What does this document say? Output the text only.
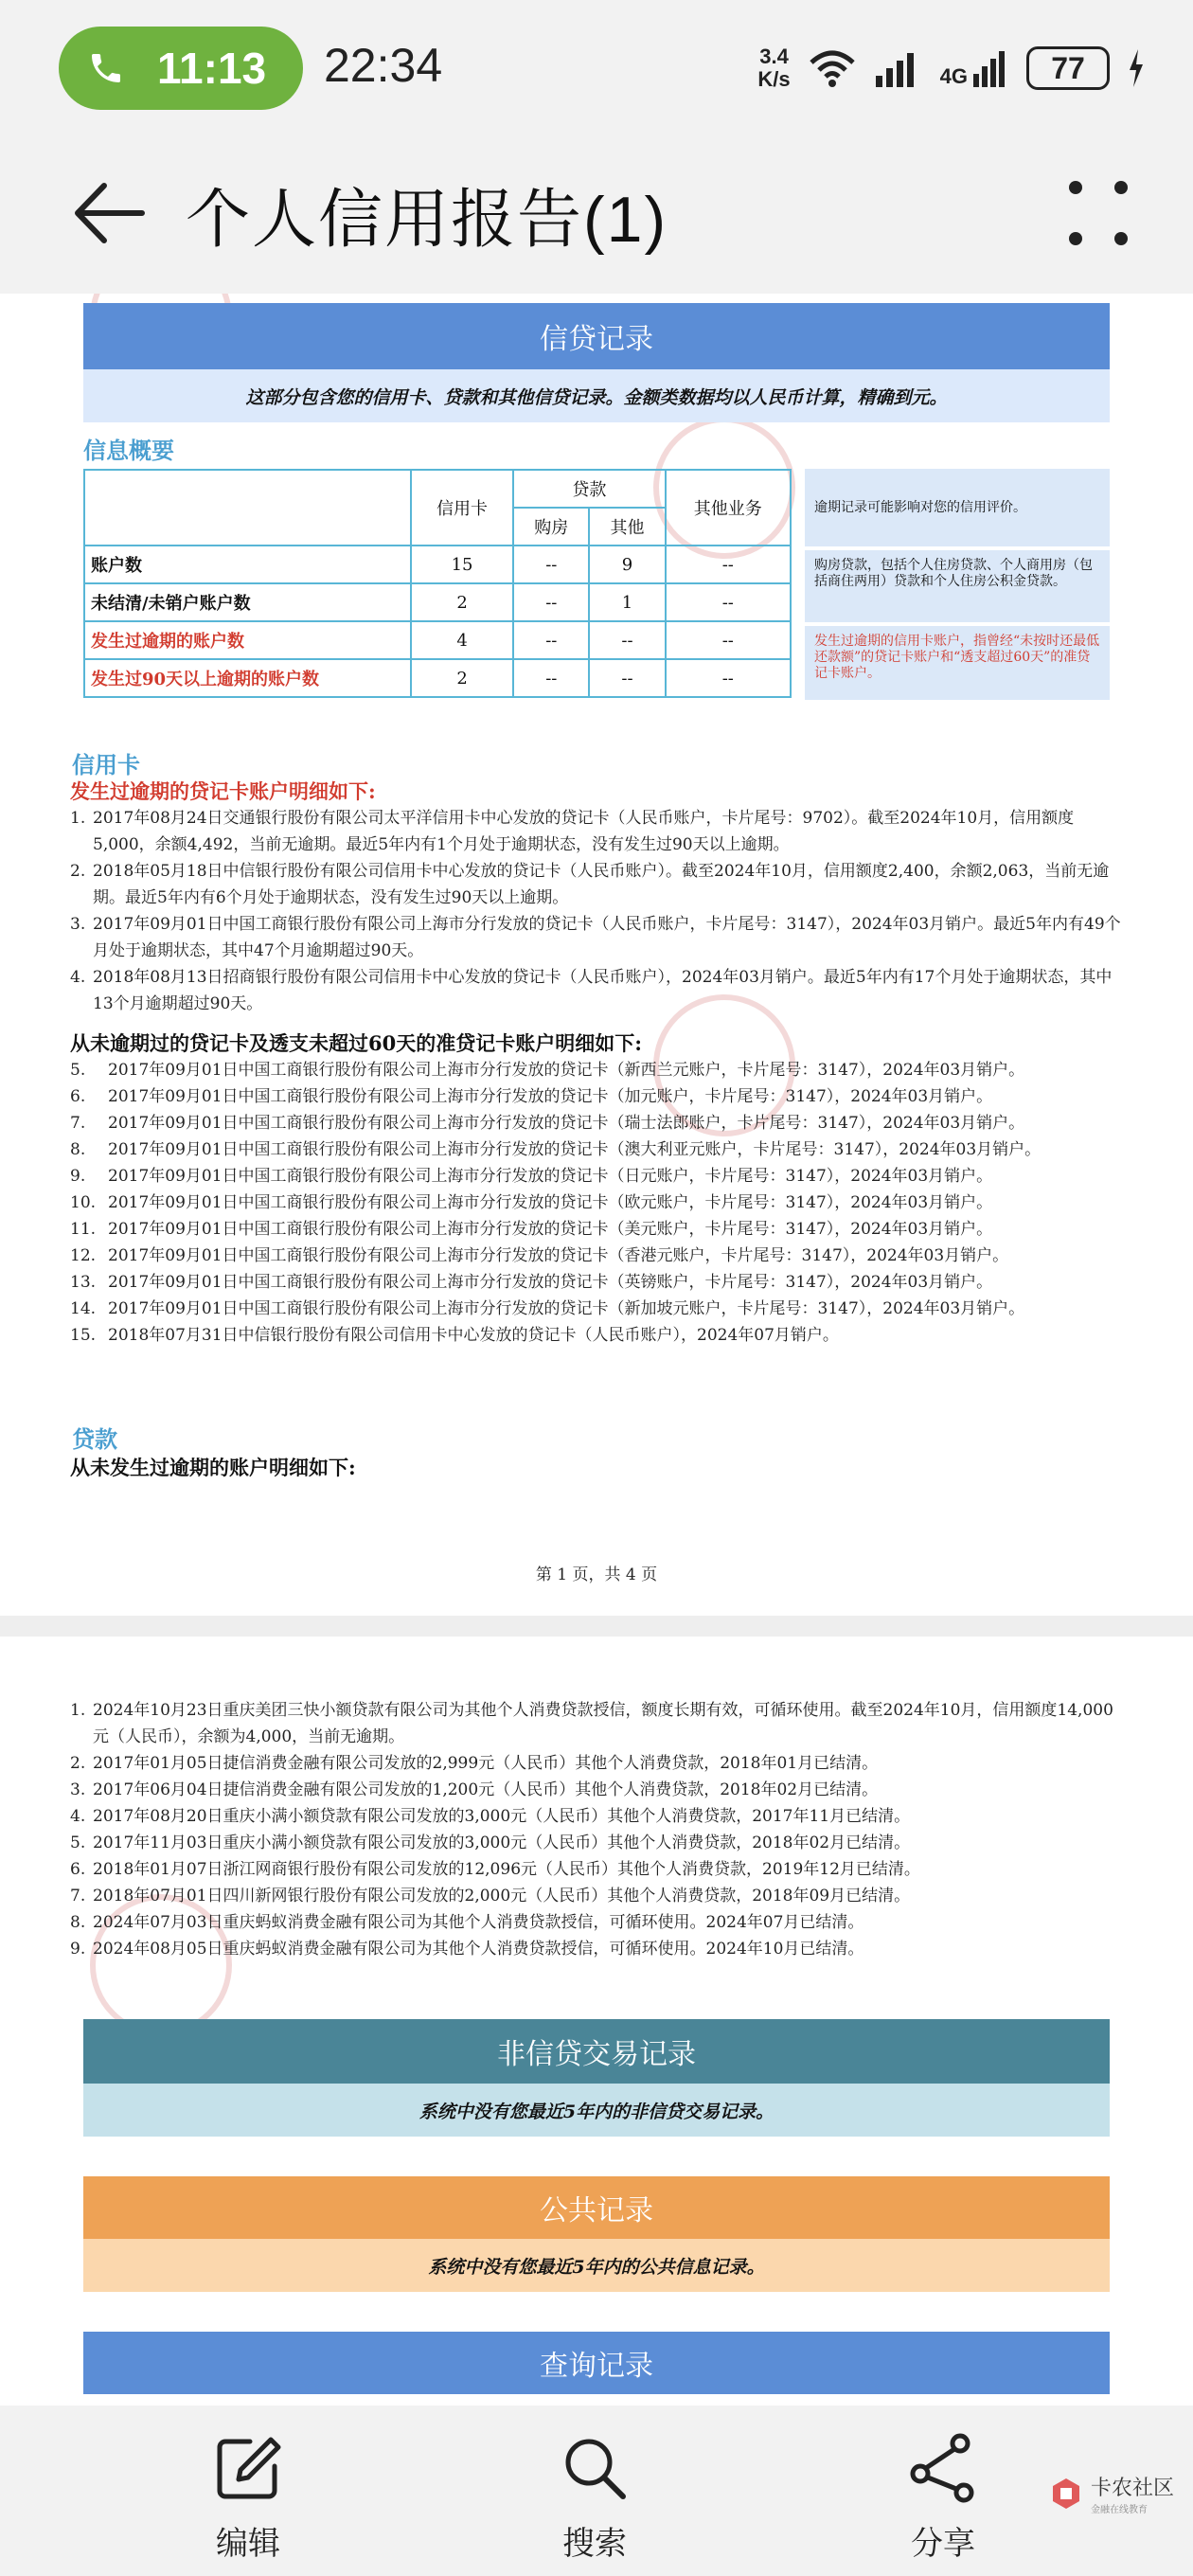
11:13 22:34	3.4
K/s	4G	77
个人信用报告(1)
信贷记录
这部分包含您的信用卡、贷款和其他信贷记录。金额类数据均以人民币计算，精确到元。
信息概要
	信用卡	贷款		其他业务
		购房	其他	
账户数	15	--	9	--
未结清/未销户账户数	2	--	1	--
发生过逾期的账户数	4	--	--	--
发生过90天以上逾期的账户数	2	--	--	--
逾期记录可能影响对您的信用评价。
购房贷款，包括个人住房贷款、个人商用房（包括商住两用）贷款和个人住房公积金贷款。
发生过逾期的信用卡账户，指曾经“未按时还最低还款额”的贷记卡账户和“透支超过60天”的准贷记卡账户。
信用卡
发生过逾期的贷记卡账户明细如下:
1. 2017年08月24日交通银行股份有限公司太平洋信用卡中心发放的贷记卡（人民币账户，卡片尾号：9702）。截至2024年10月，信用额度5,000，余额4,492，当前无逾期。最近5年内有1个月处于逾期状态，没有发生过90天以上逾期。
2. 2018年05月18日中信银行股份有限公司信用卡中心发放的贷记卡（人民币账户）。截至2024年10月，信用额度2,400，余额2,063，当前无逾期。最近5年内有6个月处于逾期状态，没有发生过90天以上逾期。
3. 2017年09月01日中国工商银行股份有限公司上海市分行发放的贷记卡（人民币账户，卡片尾号：3147），2024年03月销户。最近5年内有49个月处于逾期状态，其中47个月逾期超过90天。
4. 2018年08月13日招商银行股份有限公司信用卡中心发放的贷记卡（人民币账户），2024年03月销户。最近5年内有17个月处于逾期状态，其中13个月逾期超过90天。
从未逾期过的贷记卡及透支未超过60天的准贷记卡账户明细如下:
5.	2017年09月01日中国工商银行股份有限公司上海市分行发放的贷记卡（新西兰元账户，卡片尾号：3147），2024年03月销户。
6.	2017年09月01日中国工商银行股份有限公司上海市分行发放的贷记卡（加元账户，卡片尾号：3147），2024年03月销户。
7.	2017年09月01日中国工商银行股份有限公司上海市分行发放的贷记卡（瑞士法郎账户，卡片尾号：3147），2024年03月销户。
8.	2017年09月01日中国工商银行股份有限公司上海市分行发放的贷记卡（澳大利亚元账户，卡片尾号：3147），2024年03月销户。
9.	2017年09月01日中国工商银行股份有限公司上海市分行发放的贷记卡（日元账户，卡片尾号：3147），2024年03月销户。
10. 2017年09月01日中国工商银行股份有限公司上海市分行发放的贷记卡（欧元账户，卡片尾号：3147），2024年03月销户。
11. 2017年09月01日中国工商银行股份有限公司上海市分行发放的贷记卡（美元账户，卡片尾号：3147），2024年03月销户。
12. 2017年09月01日中国工商银行股份有限公司上海市分行发放的贷记卡（香港元账户，卡片尾号：3147），2024年03月销户。
13. 2017年09月01日中国工商银行股份有限公司上海市分行发放的贷记卡（英镑账户，卡片尾号：3147），2024年03月销户。
14. 2017年09月01日中国工商银行股份有限公司上海市分行发放的贷记卡（新加坡元账户，卡片尾号：3147），2024年03月销户。
15. 2018年07月31日中信银行股份有限公司信用卡中心发放的贷记卡（人民币账户），2024年07月销户。
贷款
从未发生过逾期的账户明细如下:
第 1 页，共 4 页
1. 2024年10月23日重庆美团三快小额贷款有限公司为其他个人消费贷款授信，额度长期有效，可循环使用。截至2024年10月，信用额度14,000元（人民币），余额为4,000，当前无逾期。
2. 2017年01月05日捷信消费金融有限公司发放的2,999元（人民币）其他个人消费贷款，2018年01月已结清。
3. 2017年06月04日捷信消费金融有限公司发放的1,200元（人民币）其他个人消费贷款，2018年02月已结清。
4. 2017年08月20日重庆小满小额贷款有限公司发放的3,000元（人民币）其他个人消费贷款，2017年11月已结清。
5. 2017年11月03日重庆小满小额贷款有限公司发放的3,000元（人民币）其他个人消费贷款，2018年02月已结清。
6. 2018年01月07日浙江网商银行股份有限公司发放的12,096元（人民币）其他个人消费贷款，2019年12月已结清。
7. 2018年07月01日四川新网银行股份有限公司发放的2,000元（人民币）其他个人消费贷款，2018年09月已结清。
8. 2024年07月03日重庆蚂蚁消费金融有限公司为其他个人消费贷款授信，可循环使用。2024年07月已结清。
9. 2024年08月05日重庆蚂蚁消费金融有限公司为其他个人消费贷款授信，可循环使用。2024年10月已结清。
非信贷交易记录
系统中没有您最近5年内的非信贷交易记录。
公共记录
系统中没有您最近5年内的公共信息记录。
查询记录
编辑	搜索	分享
卡农社区
金融在线教育
